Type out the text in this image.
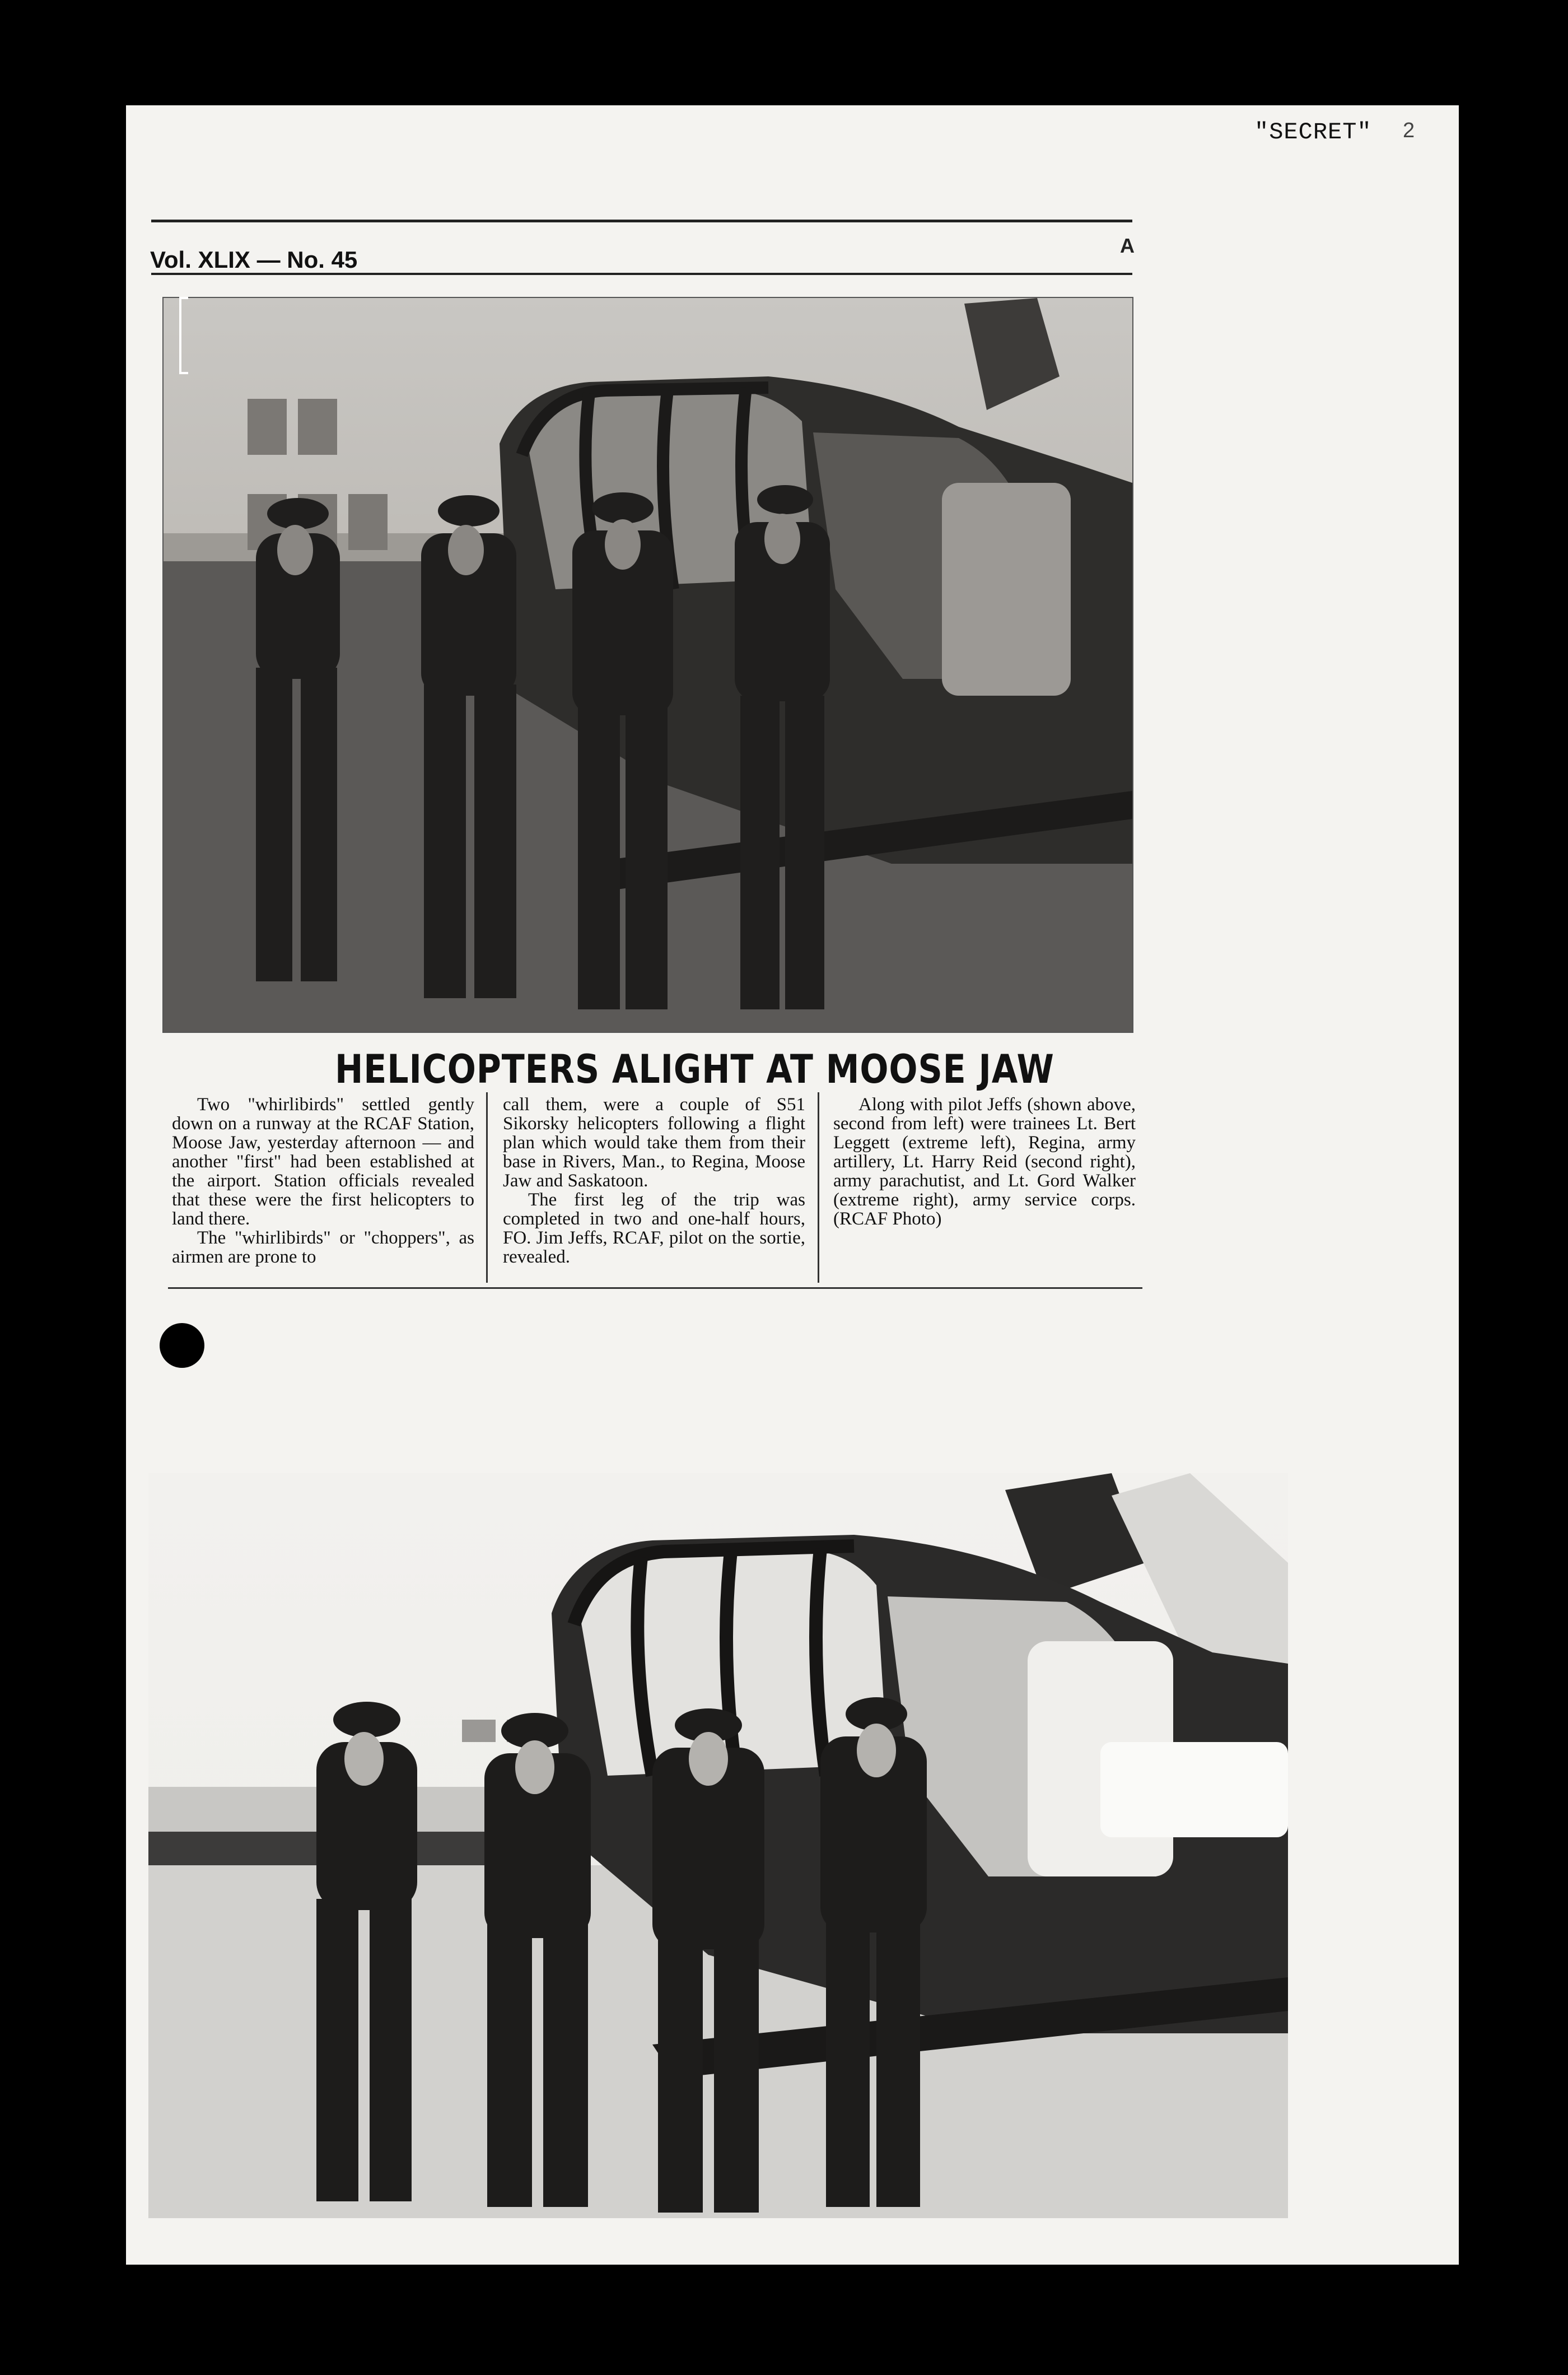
"SECRET" 2
Vol. XLIX — No. 45
A
HELICOPTERS ALIGHT AT MOOSE JAW

Two "whirlibirds" settled gently down on a runway at the RCAF Station, Moose Jaw, yesterday afternoon — and another "first" had been established at the airport. Station officials revealed that these were the first helicopters to land there.

The "whirlibirds" or "choppers", as airmen are prone to

call them, were a couple of S51 Sikorsky helicopters following a flight plan which would take them from their base in Rivers, Man., to Regina, Moose Jaw and Saskatoon.

The first leg of the trip was completed in two and one-half hours, FO. Jim Jeffs, RCAF, pilot on the sortie, revealed.

Along with pilot Jeffs (shown above, second from left) were trainees Lt. Bert Leggett (extreme left), Regina, army artillery, Lt. Harry Reid (second right), army parachutist, and Lt. Gord Walker (extreme right), army service corps. (RCAF Photo)
